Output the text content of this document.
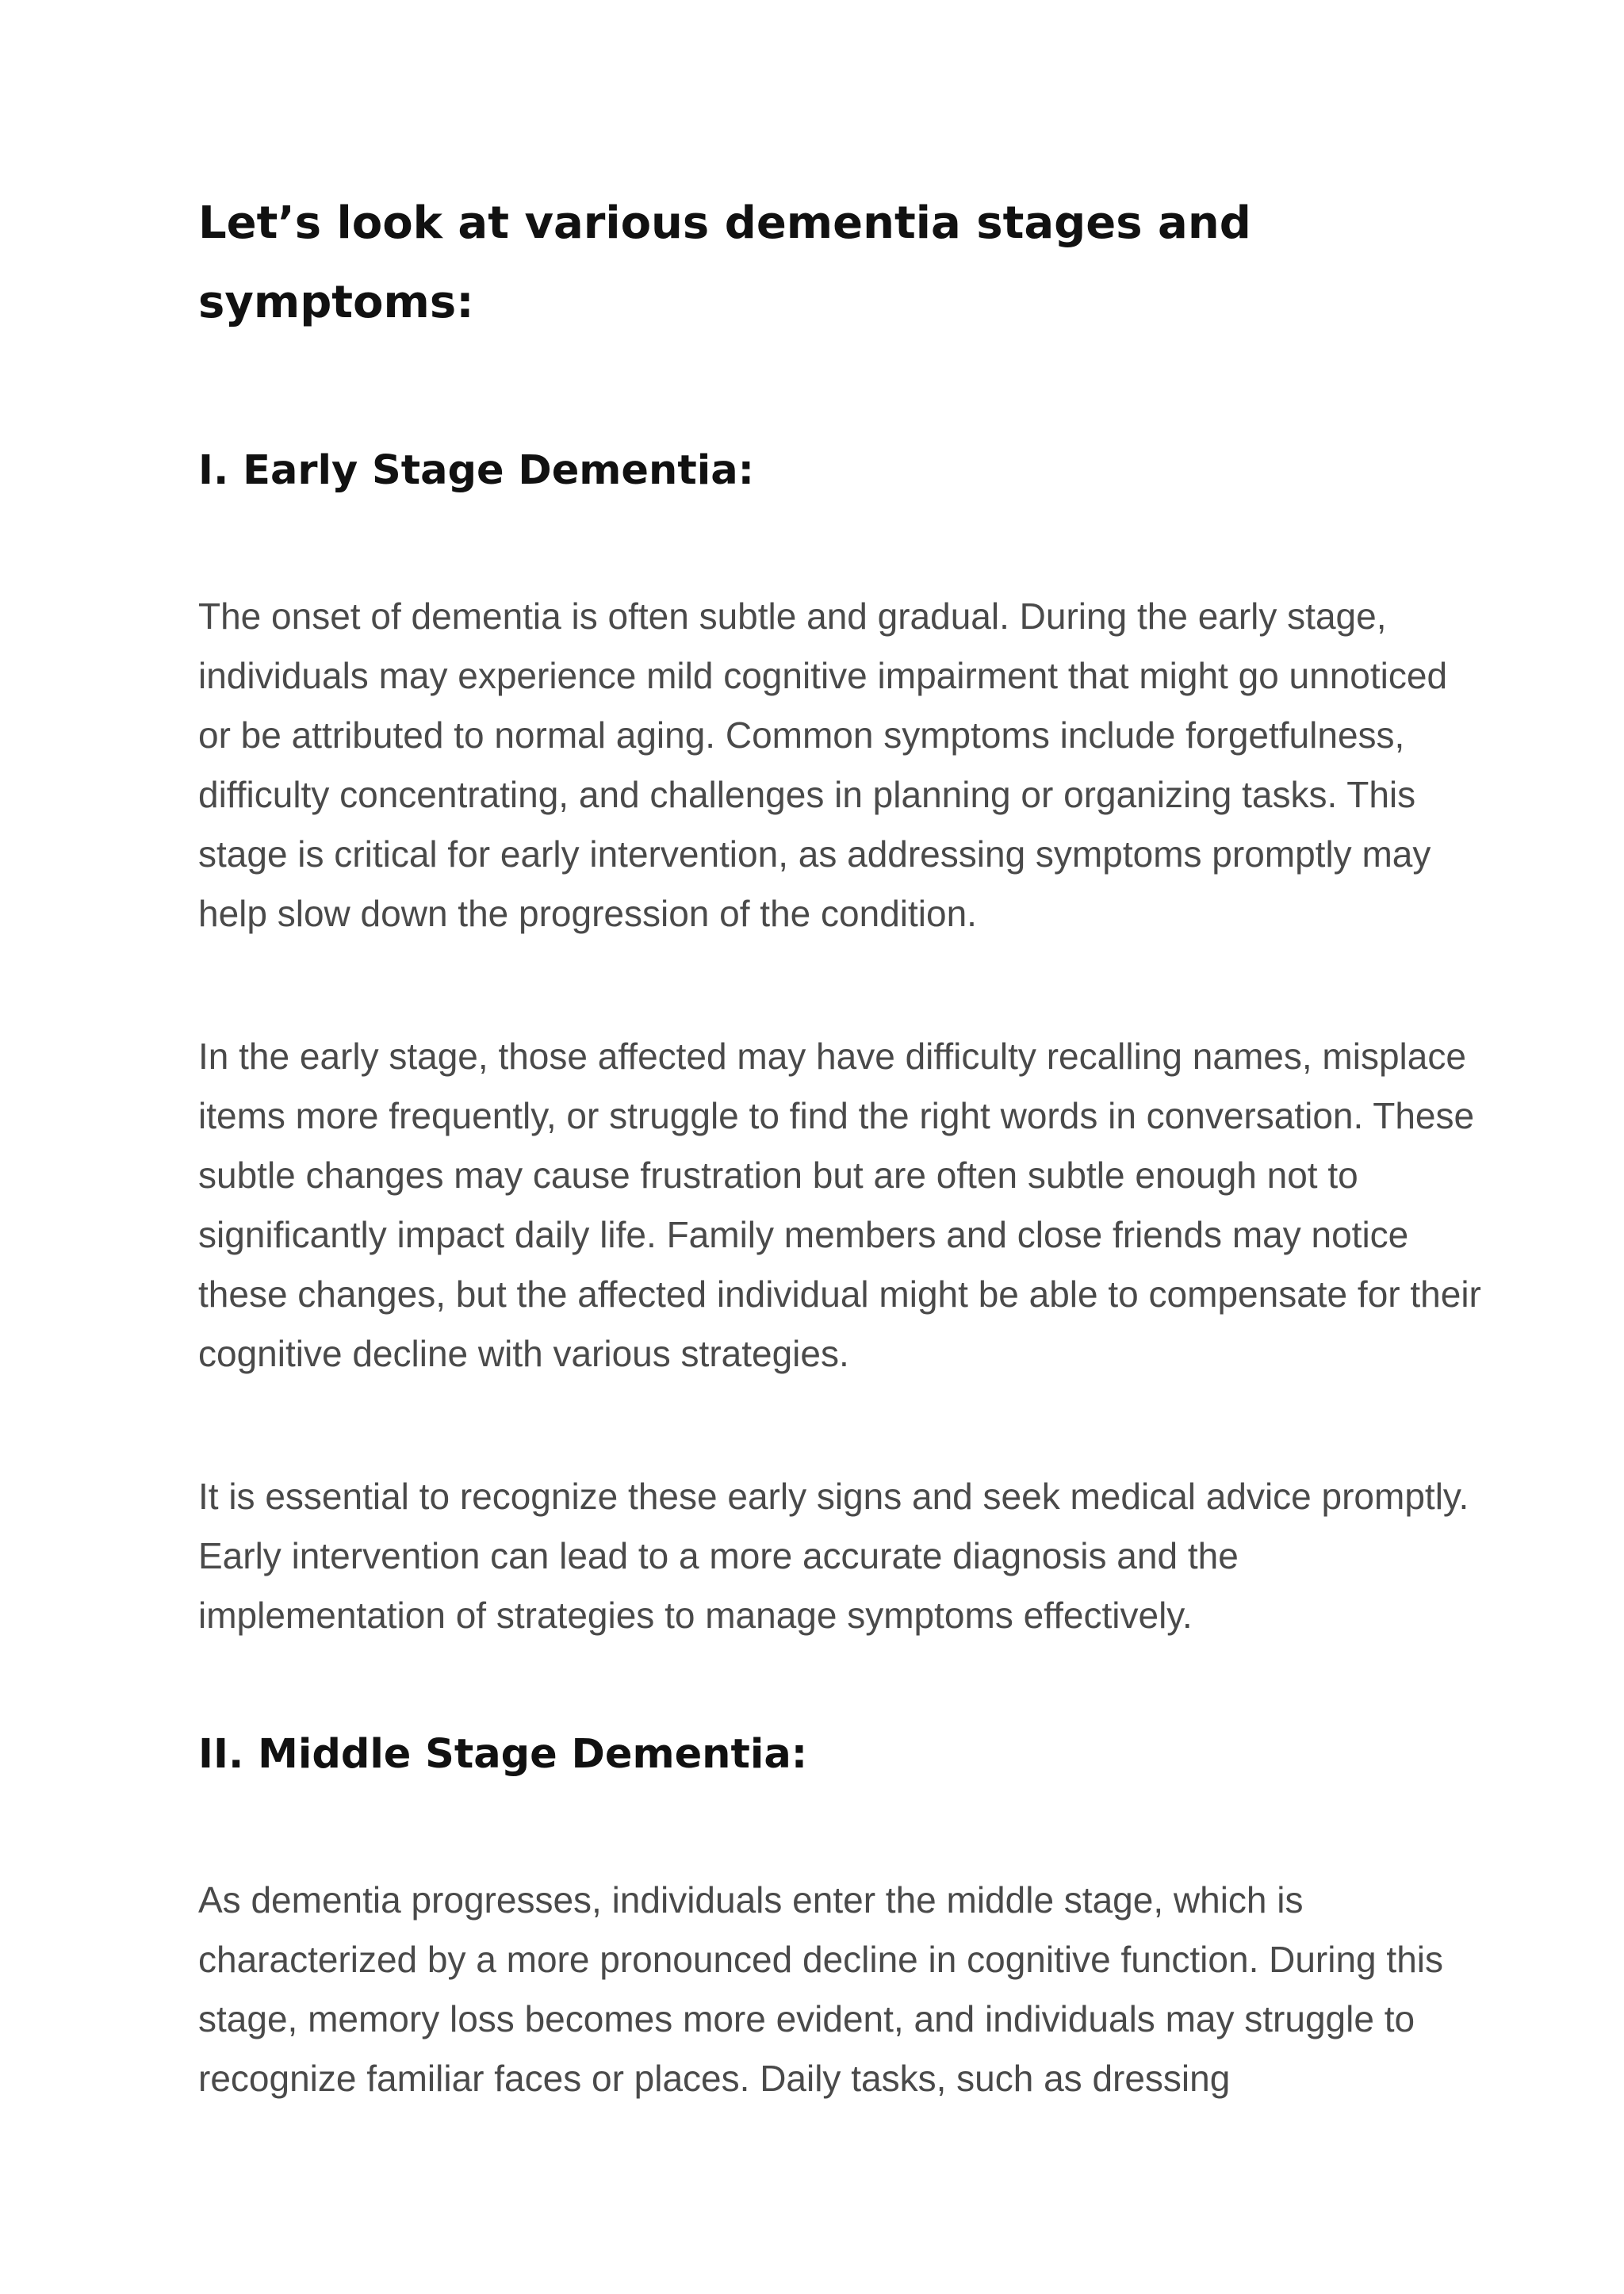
Let’s look at various dementia stages and symptoms:
I. Early Stage Dementia:

The onset of dementia is often subtle and gradual. During the early stage, individuals may experience mild cognitive impairment that might go unnoticed or be attributed to normal aging. Common symptoms include forgetfulness, difficulty concentrating, and challenges in planning or organizing tasks. This stage is critical for early intervention, as addressing symptoms promptly may help slow down the progression of the condition.

In the early stage, those affected may have difficulty recalling names, misplace items more frequently, or struggle to find the right words in conversation. These subtle changes may cause frustration but are often subtle enough not to significantly impact daily life. Family members and close friends may notice these changes, but the affected individual might be able to compensate for their cognitive decline with various strategies.

It is essential to recognize these early signs and seek medical advice promptly. Early intervention can lead to a more accurate diagnosis and the implementation of strategies to manage symptoms effectively.

II. Middle Stage Dementia:

As dementia progresses, individuals enter the middle stage, which is characterized by a more pronounced decline in cognitive function. During this stage, memory loss becomes more evident, and individuals may struggle to recognize familiar faces or places. Daily tasks, such as dressing
